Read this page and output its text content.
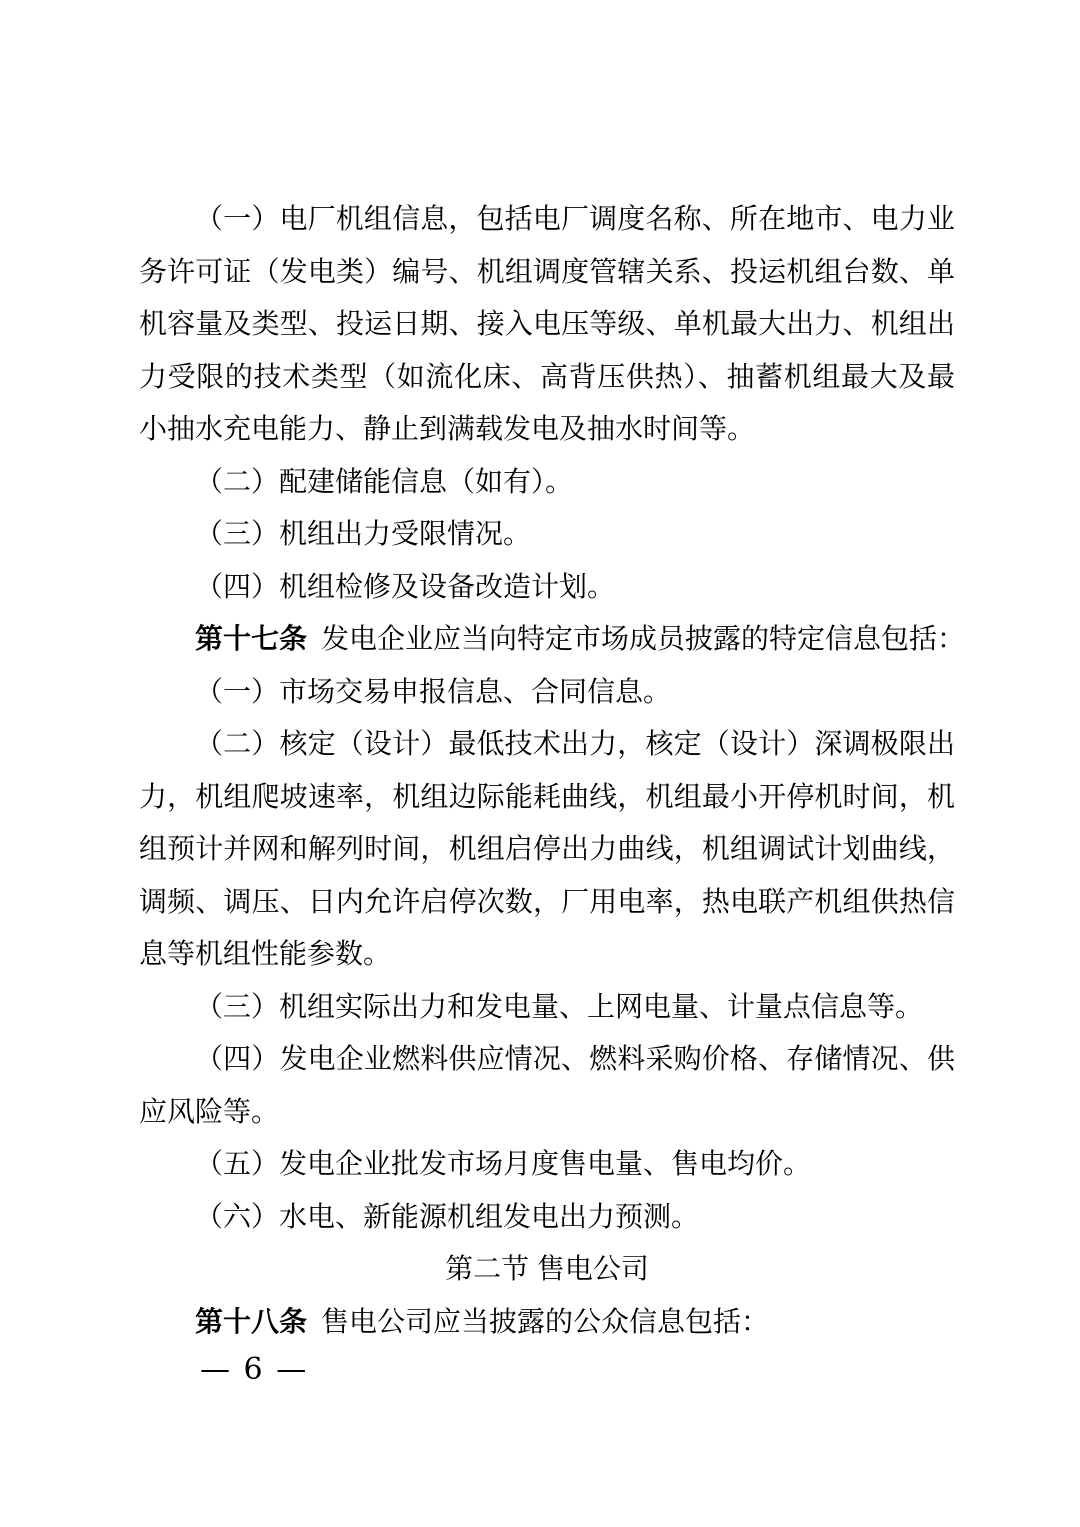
（一）电厂机组信息，包括电厂调度名称、所在地市、电力业务许可证（发电类）编号、机组调度管辖关系、投运机组台数、单机容量及类型、投运日期、接入电压等级、单机最大出力、机组出力受限的技术类型（如流化床、高背压供热）、抽蓄机组最大及最小抽水充电能力、静止到满载发电及抽水时间等。

（二）配建储能信息（如有）。

（三）机组出力受限情况。

（四）机组检修及设备改造计划。

第十七条 发电企业应当向特定市场成员披露的特定信息包括：

（一）市场交易申报信息、合同信息。

（二）核定（设计）最低技术出力，核定（设计）深调极限出力，机组爬坡速率，机组边际能耗曲线，机组最小开停机时间，机组预计并网和解列时间，机组启停出力曲线，机组调试计划曲线，调频、调压、日内允许启停次数，厂用电率，热电联产机组供热信息等机组性能参数。

（三）机组实际出力和发电量、上网电量、计量点信息等。

（四）发电企业燃料供应情况、燃料采购价格、存储情况、供应风险等。

（五）发电企业批发市场月度售电量、售电均价。

（六）水电、新能源机组发电出力预测。

第二节 售电公司

第十八条 售电公司应当披露的公众信息包括：

— 6 —
